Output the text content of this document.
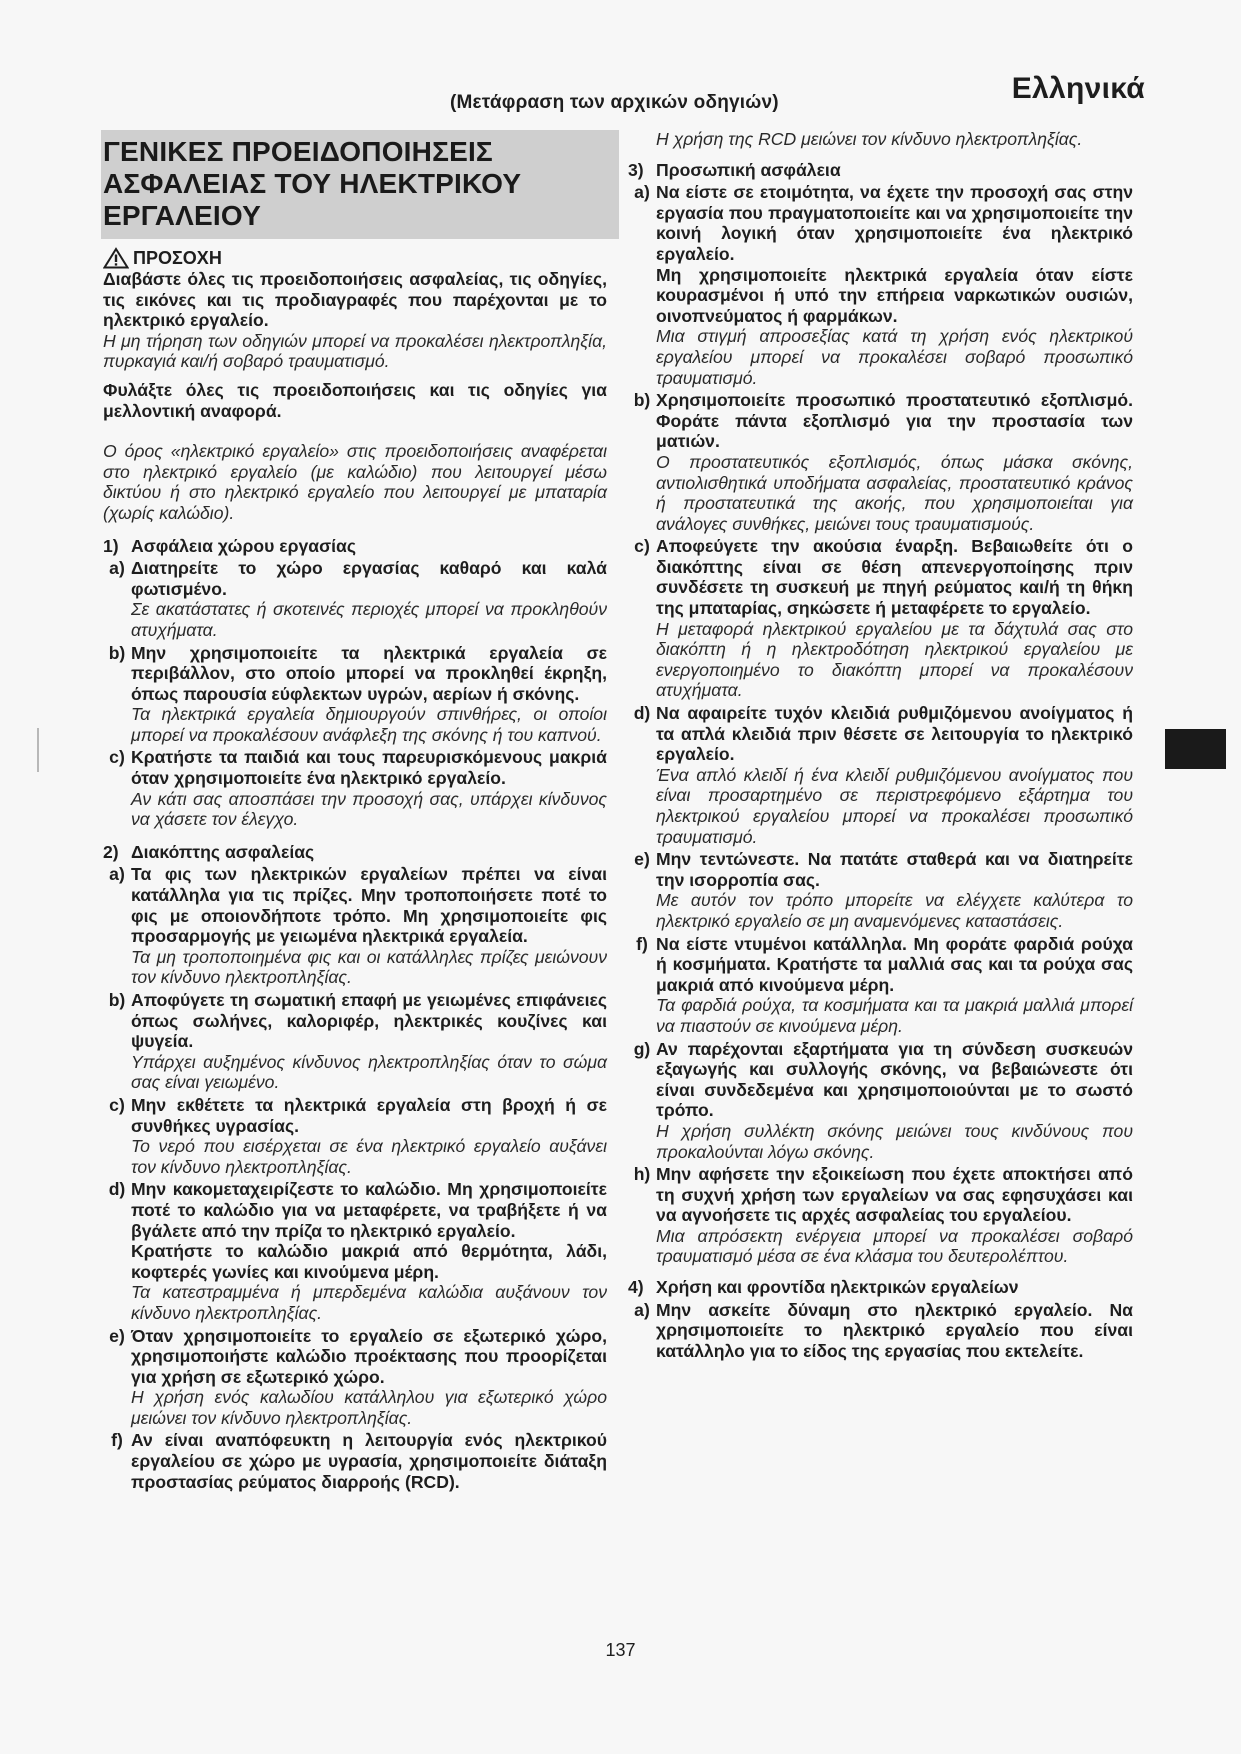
(Μετάφραση των αρχικών οδηγιών)	Ελληνικά
ΓΕΝΙΚΕΣ ΠΡΟΕΙΔΟΠΟΙΗΣΕΙΣ
ΑΣΦΑΛΕΙΑΣ ΤΟΥ ΗΛΕΚΤΡΙΚΟΥ
ΕΡΓΑΛΕΙΟΥ
ΠΡΟΣΟΧΗ

Διαβάστε όλες τις προειδοποιήσεις ασφαλείας, τις οδηγίες, τις εικόνες και τις προδιαγραφές που παρέχονται με το ηλεκτρικό εργαλείο.

Η μη τήρηση των οδηγιών μπορεί να προκαλέσει ηλεκτροπληξία, πυρκαγιά και/ή σοβαρό τραυματισμό.

Φυλάξτε όλες τις προειδοποιήσεις και τις οδηγίες για μελλοντική αναφορά.

Ο όρος «ηλεκτρικό εργαλείο» στις προειδοποιήσεις αναφέρεται στο ηλεκτρικό εργαλείο (με καλώδιο) που λειτουργεί μέσω δικτύου ή στο ηλεκτρικό εργαλείο που λειτουργεί με μπαταρία (χωρίς καλώδιο).

1) Ασφάλεια χώρου εργασίας
a) Διατηρείτε το χώρο εργασίας καθαρό και καλά φωτισμένο.

Σε ακατάστατες ή σκοτεινές περιοχές μπορεί να προκληθούν ατυχήματα.

b) Μην χρησιμοποιείτε τα ηλεκτρικά εργαλεία σε περιβάλλον, στο οποίο μπορεί να προκληθεί έκρηξη, όπως παρουσία εύφλεκτων υγρών, αερίων ή σκόνης.

Τα ηλεκτρικά εργαλεία δημιουργούν σπινθήρες, οι οποίοι μπορεί να προκαλέσουν ανάφλεξη της σκόνης ή του καπνού.

c) Κρατήστε τα παιδιά και τους παρευρισκόμενους μακριά όταν χρησιμοποιείτε ένα ηλεκτρικό εργαλείο.

Αν κάτι σας αποσπάσει την προσοχή σας, υπάρχει κίνδυνος να χάσετε τον έλεγχο.

2) Διακόπτης ασφαλείας
a) Τα φις των ηλεκτρικών εργαλείων πρέπει να είναι κατάλληλα για τις πρίζες. Μην τροποποιήσετε ποτέ το φις με οποιονδήποτε τρόπο. Μη χρησιμοποιείτε φις προσαρμογής με γειωμένα ηλεκτρικά εργαλεία.

Τα μη τροποποιημένα φις και οι κατάλληλες πρίζες μειώνουν τον κίνδυνο ηλεκτροπληξίας.

b) Αποφύγετε τη σωματική επαφή με γειωμένες επιφάνειες όπως σωλήνες, καλοριφέρ, ηλεκτρικές κουζίνες και ψυγεία.

Υπάρχει αυξημένος κίνδυνος ηλεκτροπληξίας όταν το σώμα σας είναι γειωμένο.

c) Μην εκθέτετε τα ηλεκτρικά εργαλεία στη βροχή ή σε συνθήκες υγρασίας.

Το νερό που εισέρχεται σε ένα ηλεκτρικό εργαλείο αυξάνει τον κίνδυνο ηλεκτροπληξίας.

d) Μην κακομεταχειρίζεστε το καλώδιο. Μη χρησιμοποιείτε ποτέ το καλώδιο για να μεταφέρετε, να τραβήξετε ή να βγάλετε από την πρίζα το ηλεκτρικό εργαλείο.

Κρατήστε το καλώδιο μακριά από θερμότητα, λάδι, κοφτερές γωνίες και κινούμενα μέρη.

Τα κατεστραμμένα ή μπερδεμένα καλώδια αυξάνουν τον κίνδυνο ηλεκτροπληξίας.

e) Όταν χρησιμοποιείτε το εργαλείο σε εξωτερικό χώρο, χρησιμοποιήστε καλώδιο προέκτασης που προορίζεται για χρήση σε εξωτερικό χώρο.

Η χρήση ενός καλωδίου κατάλληλου για εξωτερικό χώρο μειώνει τον κίνδυνο ηλεκτροπληξίας.

f) Αν είναι αναπόφευκτη η λειτουργία ενός ηλεκτρικού εργαλείου σε χώρο με υγρασία, χρησιμοποιείτε διάταξη προστασίας ρεύματος διαρροής (RCD).

Η χρήση της RCD μειώνει τον κίνδυνο ηλεκτροπληξίας.

3) Προσωπική ασφάλεια
a) Να είστε σε ετοιμότητα, να έχετε την προσοχή σας στην εργασία που πραγματοποιείτε και να χρησιμοποιείτε την κοινή λογική όταν χρησιμοποιείτε ένα ηλεκτρικό εργαλείο.

Μη χρησιμοποιείτε ηλεκτρικά εργαλεία όταν είστε κουρασμένοι ή υπό την επήρεια ναρκωτικών ουσιών, οινοπνεύματος ή φαρμάκων.

Μια στιγμή απροσεξίας κατά τη χρήση ενός ηλεκτρικού εργαλείου μπορεί να προκαλέσει σοβαρό προσωπικό τραυματισμό.

b) Χρησιμοποιείτε προσωπικό προστατευτικό εξοπλισμό. Φοράτε πάντα εξοπλισμό για την προστασία των ματιών.

Ο προστατευτικός εξοπλισμός, όπως μάσκα σκόνης, αντιολισθητικά υποδήματα ασφαλείας, προστατευτικό κράνος ή προστατευτικά της ακοής, που χρησιμοποιείται για ανάλογες συνθήκες, μειώνει τους τραυματισμούς.

c) Αποφεύγετε την ακούσια έναρξη. Βεβαιωθείτε ότι ο διακόπτης είναι σε θέση απενεργοποίησης πριν συνδέσετε τη συσκευή με πηγή ρεύματος και/ή τη θήκη της μπαταρίας, σηκώσετε ή μεταφέρετε το εργαλείο.

Η μεταφορά ηλεκτρικού εργαλείου με τα δάχτυλά σας στο διακόπτη ή η ηλεκτροδότηση ηλεκτρικού εργαλείου με ενεργοποιημένο το διακόπτη μπορεί να προκαλέσουν ατυχήματα.

d) Να αφαιρείτε τυχόν κλειδιά ρυθμιζόμενου ανοίγματος ή τα απλά κλειδιά πριν θέσετε σε λειτουργία το ηλεκτρικό εργαλείο.

Ένα απλό κλειδί ή ένα κλειδί ρυθμιζόμενου ανοίγματος που είναι προσαρτημένο σε περιστρεφόμενο εξάρτημα του ηλεκτρικού εργαλείου μπορεί να προκαλέσει προσωπικό τραυματισμό.

e) Μην τεντώνεστε. Να πατάτε σταθερά και να διατηρείτε την ισορροπία σας.

Με αυτόν τον τρόπο μπορείτε να ελέγχετε καλύτερα το ηλεκτρικό εργαλείο σε μη αναμενόμενες καταστάσεις.

f) Να είστε ντυμένοι κατάλληλα. Μη φοράτε φαρδιά ρούχα ή κοσμήματα. Κρατήστε τα μαλλιά σας και τα ρούχα σας μακριά από κινούμενα μέρη.

Τα φαρδιά ρούχα, τα κοσμήματα και τα μακριά μαλλιά μπορεί να πιαστούν σε κινούμενα μέρη.

g) Αν παρέχονται εξαρτήματα για τη σύνδεση συσκευών εξαγωγής και συλλογής σκόνης, να βεβαιώνεστε ότι είναι συνδεδεμένα και χρησιμοποιούνται με το σωστό τρόπο.

Η χρήση συλλέκτη σκόνης μειώνει τους κινδύνους που προκαλούνται λόγω σκόνης.

h) Μην αφήσετε την εξοικείωση που έχετε αποκτήσει από τη συχνή χρήση των εργαλείων να σας εφησυχάσει και να αγνοήσετε τις αρχές ασφαλείας του εργαλείου.

Μια απρόσεκτη ενέργεια μπορεί να προκαλέσει σοβαρό τραυματισμό μέσα σε ένα κλάσμα του δευτερολέπτου.

4) Χρήση και φροντίδα ηλεκτρικών εργαλείων
a) Μην ασκείτε δύναμη στο ηλεκτρικό εργαλείο. Να χρησιμοποιείτε το ηλεκτρικό εργαλείο που είναι κατάλληλο για το είδος της εργασίας που εκτελείτε.

137
